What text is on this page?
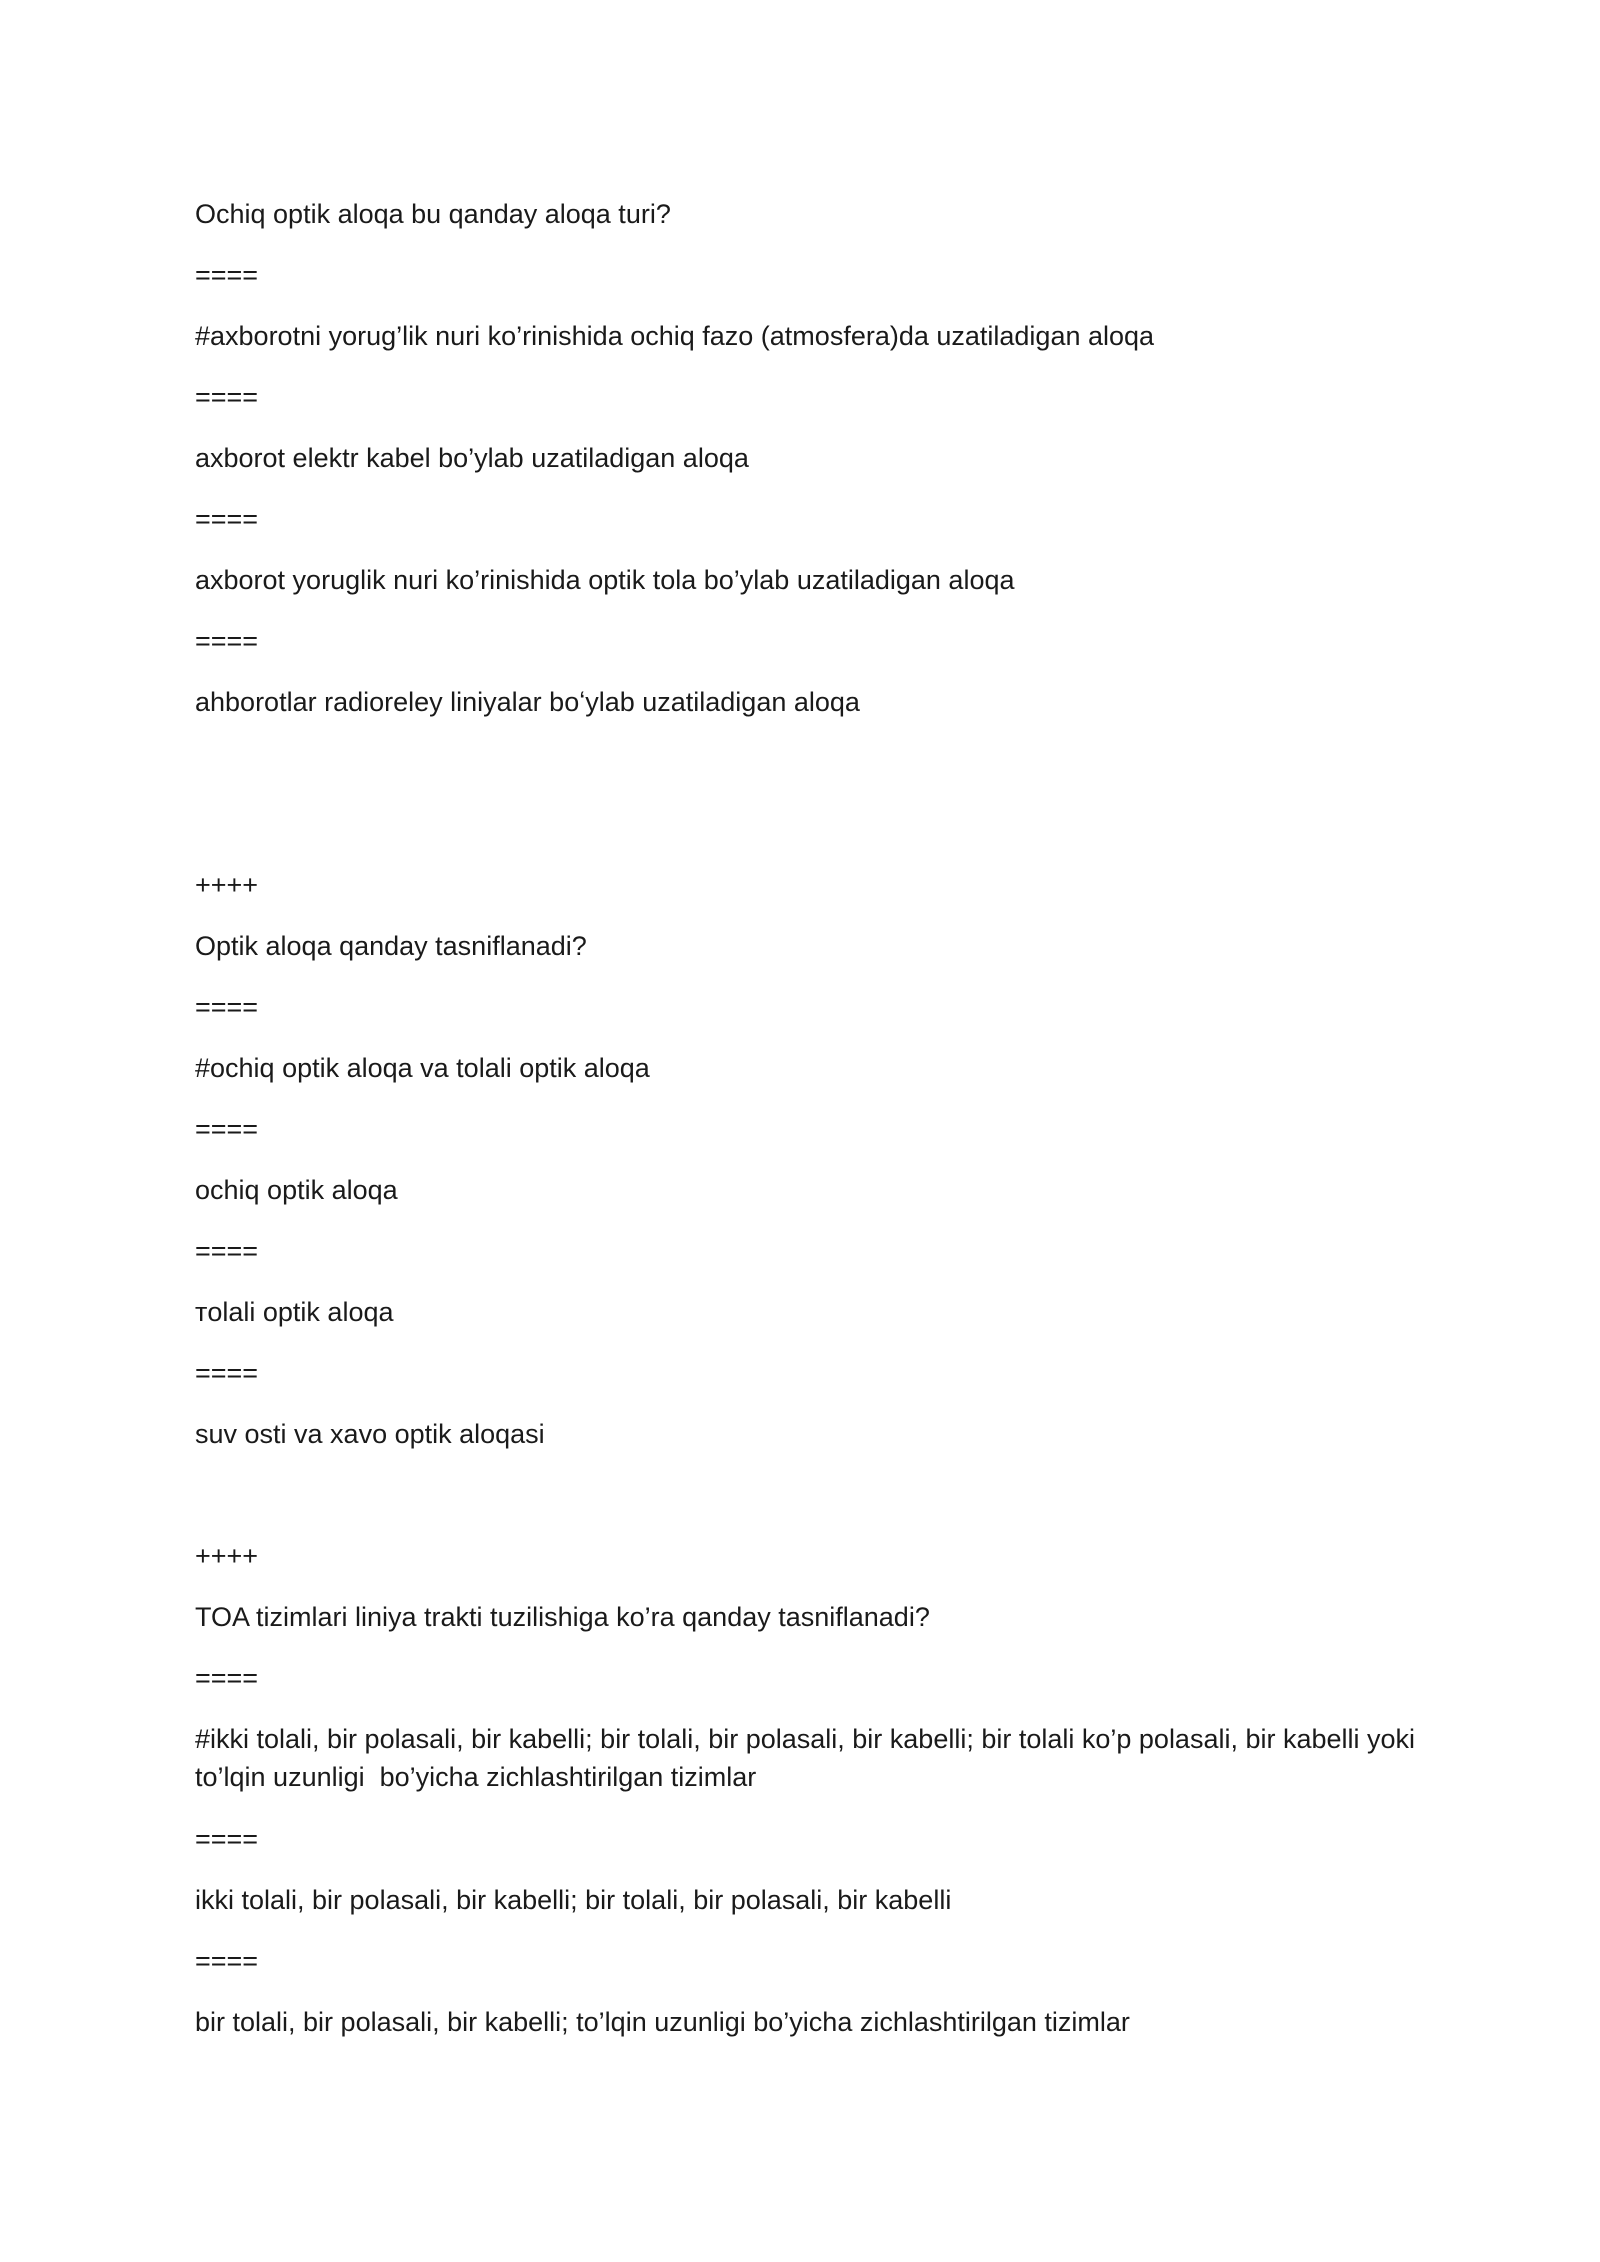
Ochiq optik aloqa bu qanday aloqa turi?
====
#axborotni yorug’lik nuri ko’rinishida ochiq fazo (atmosfera)da uzatiladigan aloqa
====
axborot elektr kabel bo’ylab uzatiladigan aloqa
====
axborot yoruglik nuri ko’rinishida optik tola bo’ylab uzatiladigan aloqa
====
ahborotlar radioreley liniyalar boʻylab uzatiladigan aloqa
++++
Optik aloqa qanday tasniflanadi?
====
#ochiq optik aloqa va tolali optik aloqa
====
ochiq optik aloqa
====
тolali optik aloqa
====
suv osti va xavo optik aloqasi
++++
TOA tizimlari liniya trakti tuzilishiga ko’ra qanday tasniflanadi?
====
#ikki tolali, bir polasali, bir kabelli; bir tolali, bir polasali, bir kabelli; bir tolali ko’p polasali, bir kabelli yoki to’lqin uzunligi  bo’yicha zichlashtirilgan tizimlar
====
ikki tolali, bir polasali, bir kabelli; bir tolali, bir polasali, bir kabelli
====
bir tolali, bir polasali, bir kabelli; to’lqin uzunligi bo’yicha zichlashtirilgan tizimlar
